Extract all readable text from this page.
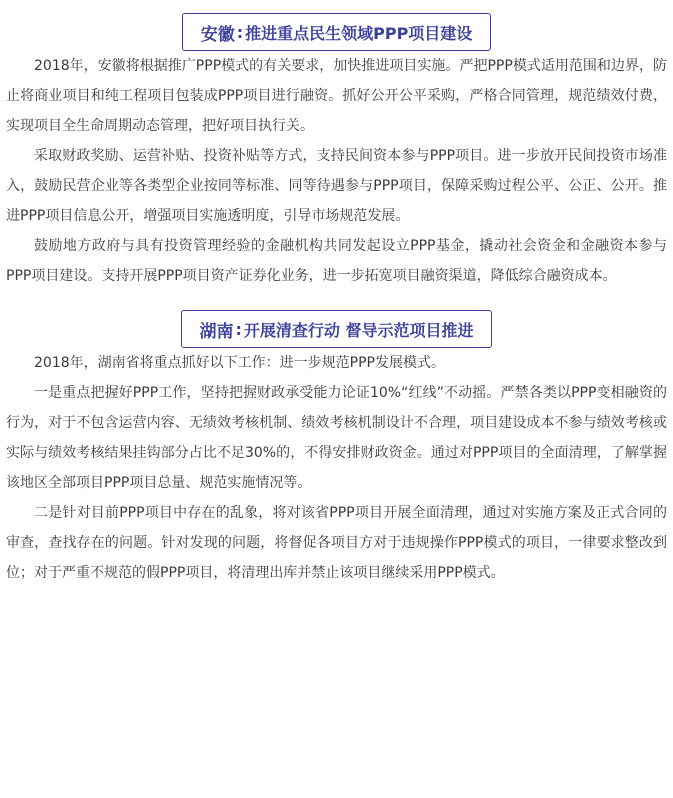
安徽 : 推进重点民生领域PPP项目建设

2018年，安徽将根据推广PPP模式的有关要求，加快推进项目实施。严把PPP模式适用范围和边界，防止将商业项目和纯工程项目包装成PPP项目进行融资。抓好公开公平采购，严格合同管理，规范绩效付费，实现项目全生命周期动态管理，把好项目执行关。

采取财政奖励、运营补贴、投资补贴等方式，支持民间资本参与PPP项目。进一步放开民间投资市场准入，鼓励民营企业等各类型企业按同等标准、同等待遇参与PPP项目，保障采购过程公平、公正、公开。推进PPP项目信息公开，增强项目实施透明度，引导市场规范发展。

鼓励地方政府与具有投资管理经验的金融机构共同发起设立PPP基金，撬动社会资金和金融资本参与PPP项目建设。支持开展PPP项目资产证券化业务，进一步拓宽项目融资渠道，降低综合融资成本。

湖南 : 开展清查行动 督导示范项目推进

2018年，湖南省将重点抓好以下工作：进一步规范PPP发展模式。

一是重点把握好PPP工作，坚持把握财政承受能力论证10%“红线”不动摇。严禁各类以PPP变相融资的行为，对于不包含运营内容、无绩效考核机制、绩效考核机制设计不合理，项目建设成本不参与绩效考核或实际与绩效考核结果挂钩部分占比不足30%的，不得安排财政资金。通过对PPP项目的全面清理，了解掌握该地区全部项目PPP项目总量、规范实施情况等。

二是针对目前PPP项目中存在的乱象，将对该省PPP项目开展全面清理，通过对实施方案及正式合同的审查，查找存在的问题。针对发现的问题，将督促各项目方对于违规操作PPP模式的项目，一律要求整改到位；对于严重不规范的假PPP项目，将清理出库并禁止该项目继续采用PPP模式。
